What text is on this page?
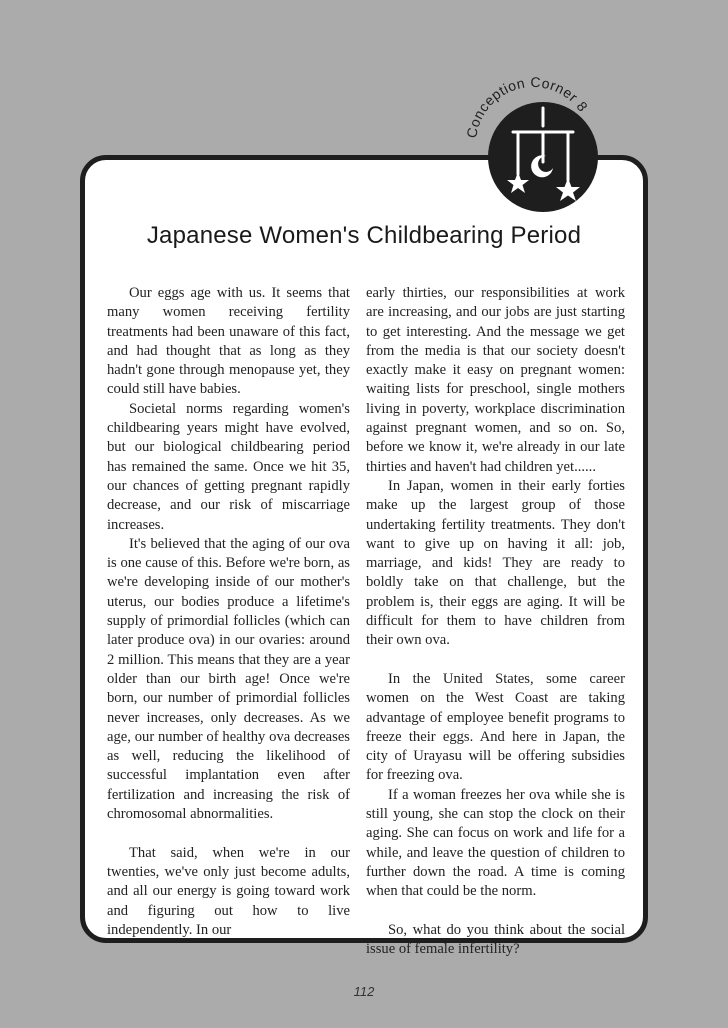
Conception Corner 8
Japanese Women's Childbearing Period

Our eggs age with us. It seems that many women receiving fertility treatments had been unaware of this fact, and had thought that as long as they hadn't gone through menopause yet, they could still have babies.

Societal norms regarding women's childbearing years might have evolved, but our biological childbearing period has remained the same. Once we hit 35, our chances of getting pregnant rapidly decrease, and our risk of miscarriage increases.

It's believed that the aging of our ova is one cause of this. Before we're born, as we're developing inside of our mother's uterus, our bodies produce a lifetime's supply of primordial follicles (which can later produce ova) in our ovaries: around 2 million. This means that they are a year older than our birth age! Once we're born, our number of primordial follicles never increases, only decreases. As we age, our number of healthy ova decreases as well, reducing the likelihood of successful implantation even after fertilization and increasing the risk of chromosomal abnormalities.

That said, when we're in our twenties, we've only just become adults, and all our energy is going toward work and figuring out how to live independently. In our

early thirties, our responsibilities at work are increasing, and our jobs are just starting to get interesting. And the message we get from the media is that our society doesn't exactly make it easy on pregnant women: waiting lists for preschool, single mothers living in poverty, workplace discrimination against pregnant women, and so on. So, before we know it, we're already in our late thirties and haven't had children yet......

In Japan, women in their early forties make up the largest group of those undertaking fertility treatments. They don't want to give up on having it all: job, marriage, and kids! They are ready to boldly take on that challenge, but the problem is, their eggs are aging. It will be difficult for them to have children from their own ova.

In the United States, some career women on the West Coast are taking advantage of employee benefit programs to freeze their eggs. And here in Japan, the city of Urayasu will be offering subsidies for freezing ova.

If a woman freezes her ova while she is still young, she can stop the clock on their aging. She can focus on work and life for a while, and leave the question of children to further down the road. A time is coming when that could be the norm.

So, what do you think about the social issue of female infertility?

112
